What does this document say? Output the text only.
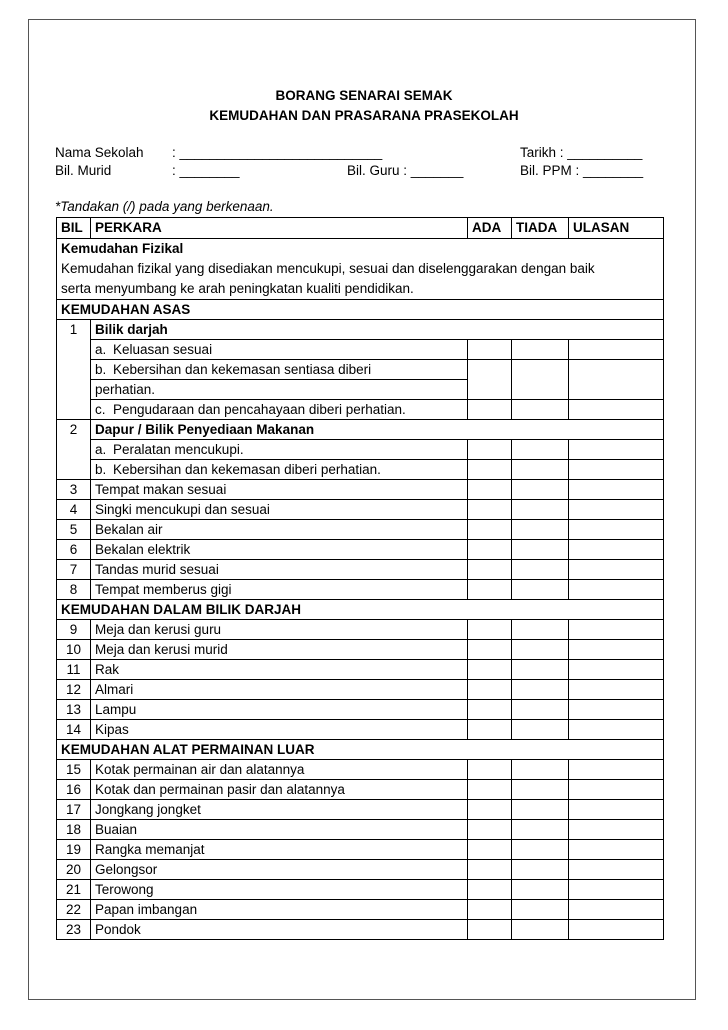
BORANG SENARAI SEMAK
KEMUDAHAN DAN PRASARANA PRASEKOLAH
Nama Sekolah : ___________________________	Tarikh : __________
Bil. Murid	: ________	Bil. Guru : _______	Bil. PPM : ________
*Tandakan (/) pada yang berkenaan.
BIL	PERKARA	ADA	TIADA	ULASAN

Kemudahan Fizikal
Kemudahan fizikal yang disediakan mencukupi, sesuai dan diselenggarakan dengan baik
serta menyumbang ke arah peningkatan kualiti pendidikan.				

KEMUDAHAN ASAS				
1	Bilik darjah			
	a. Keluasan sesuai			
	b. Kebersihan dan kekemasan sentiasa diberi			
	perhatian.			
	c. Pengudaraan dan pencahayaan diberi perhatian.			
2	Dapur / Bilik Penyediaan Makanan			
	a. Peralatan mencukupi.			
	b. Kebersihan dan kekemasan diberi perhatian.			
3	Tempat makan sesuai			
4	Singki mencukupi dan sesuai			
5	Bekalan air			
6	Bekalan elektrik			
7	Tandas murid sesuai			
8	Tempat memberus gigi			
KEMUDAHAN DALAM BILIK DARJAH				
9	Meja dan kerusi guru			
10	Meja dan kerusi murid			
11	Rak			
12	Almari			
13	Lampu			
14	Kipas			
KEMUDAHAN ALAT PERMAINAN LUAR				
15	Kotak permainan air dan alatannya			
16	Kotak dan permainan pasir dan alatannya			
17	Jongkang jongket			
18	Buaian			
19	Rangka memanjat			
20	Gelongsor			
21	Terowong			
22	Papan imbangan			
23	Pondok			
